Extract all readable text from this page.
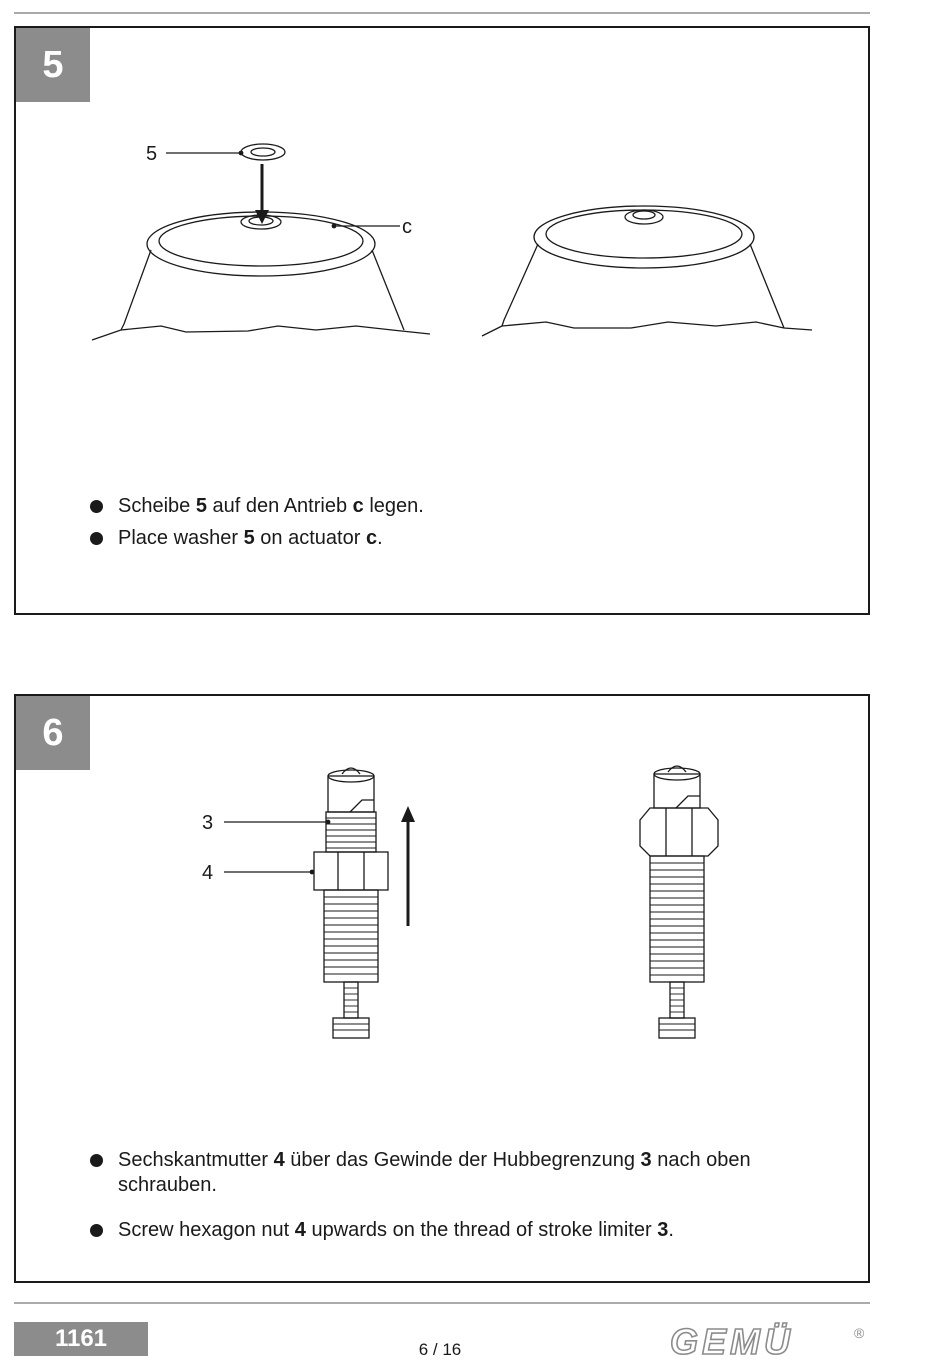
5
5
c
Scheibe 5 auf den Antrieb c legen.
Place washer 5 on actuator c.
6
3
4
Sechskantmutter 4 über das Gewinde der Hubbegrenzung 3 nach oben schrauben.
Screw hexagon nut 4 upwards on the thread of stroke limiter 3.
1161	6 / 16	GEMÜ	®
